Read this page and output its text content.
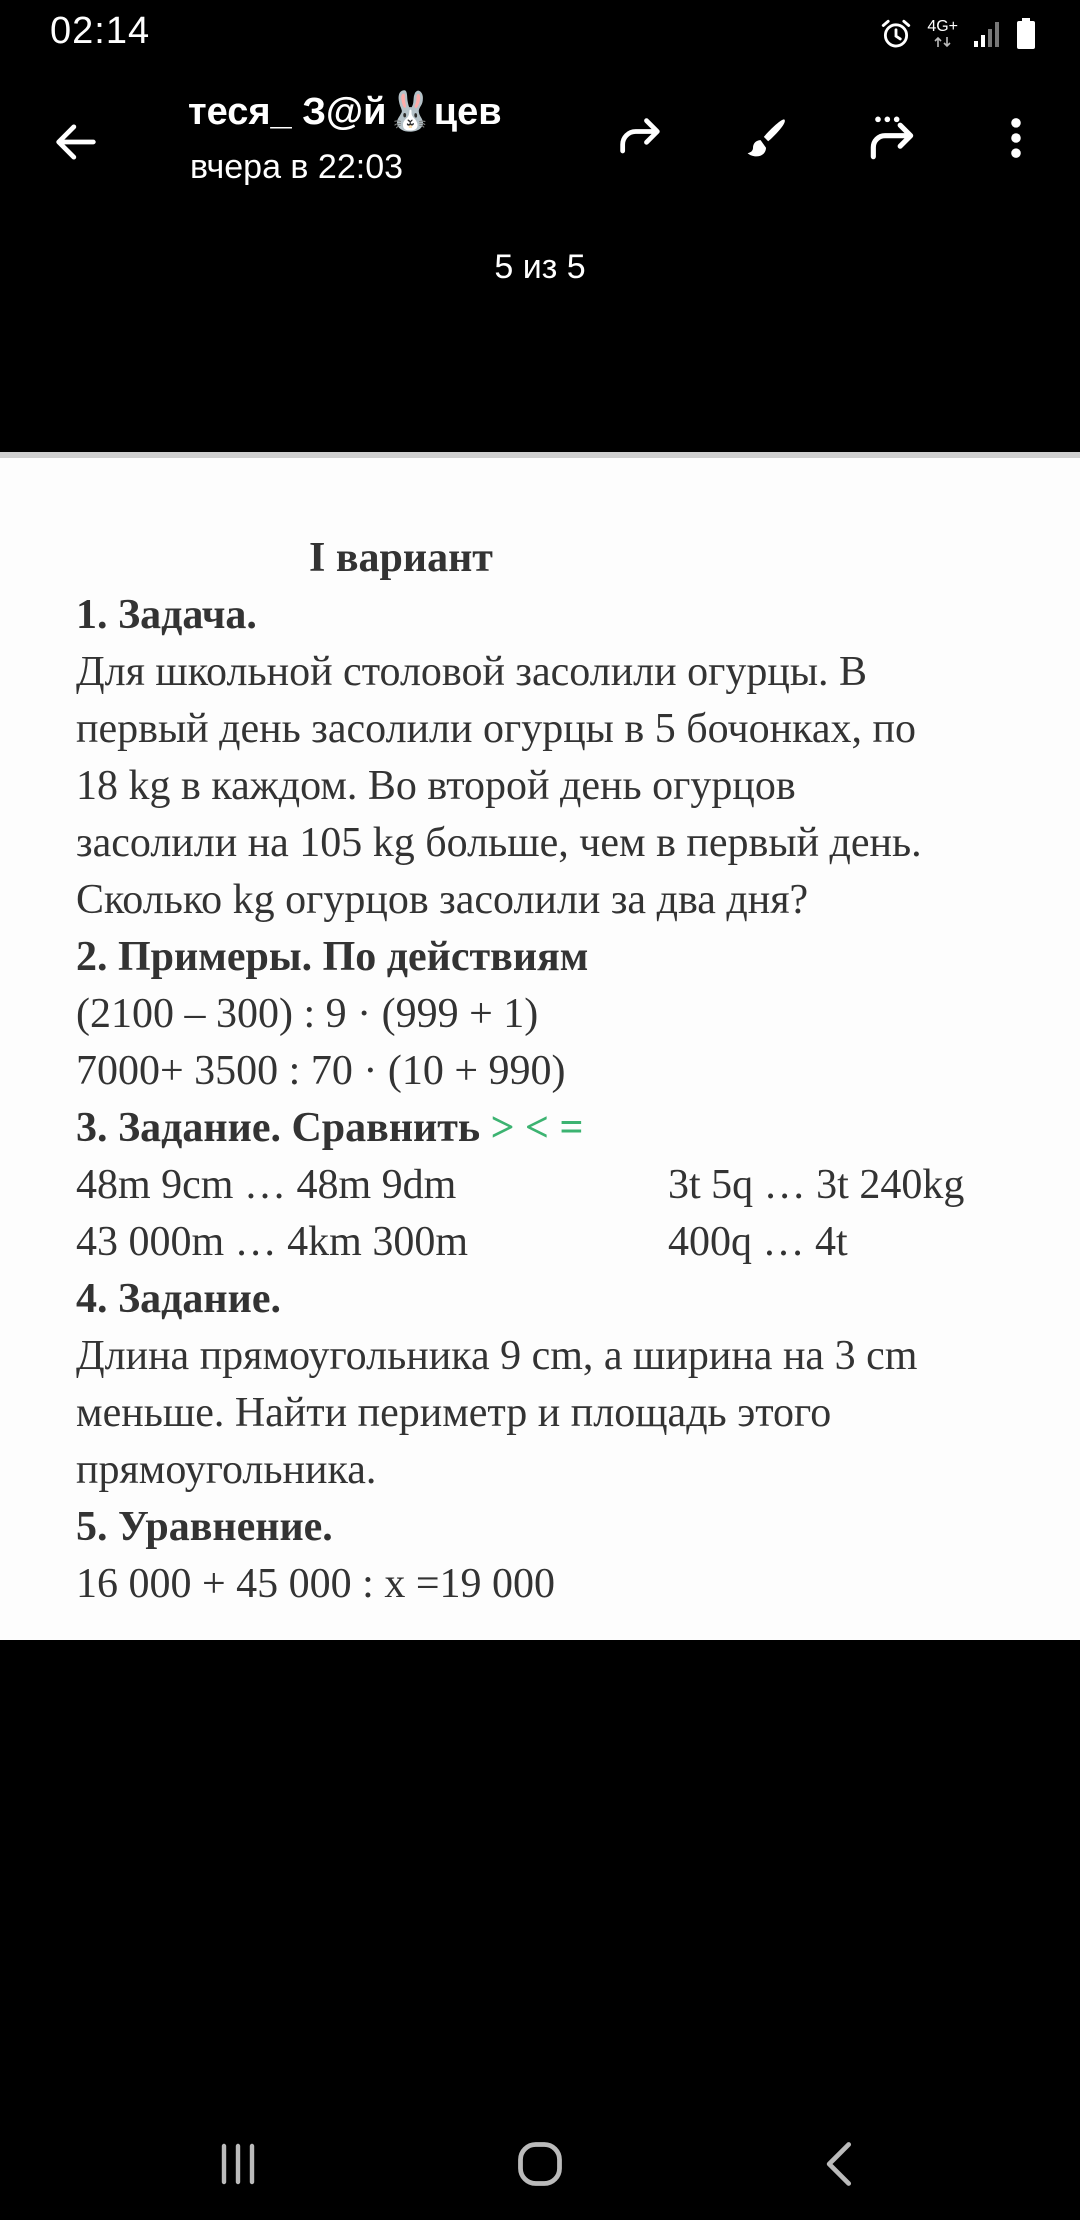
02:14	4G+
теся_ З@й🐰цев
вчера в 22:03
5 из 5
I вариант
1. Задача.
Для школьной столовой засолили огурцы. В
первый день засолили огурцы в 5 бочонках, по
18 kg в каждом. Во второй день огурцов
засолили на 105 kg больше, чем в первый день.
Сколько kg огурцов засолили за два дня?
2. Примеры. По действиям
(2100 – 300) : 9 · (999 + 1)
7000+ 3500 : 70 · (10 + 990)
3. Задание. Сравнить > < =
48m 9cm … 48m 9dm	3t 5q … 3t 240kg
43 000m … 4km 300m	400q … 4t
4. Задание.
Длина прямоугольника 9 cm, а ширина на 3 cm
меньше. Найти периметр и площадь этого
прямоугольника.
5. Уравнение.
16 000 + 45 000 : x =19 000
